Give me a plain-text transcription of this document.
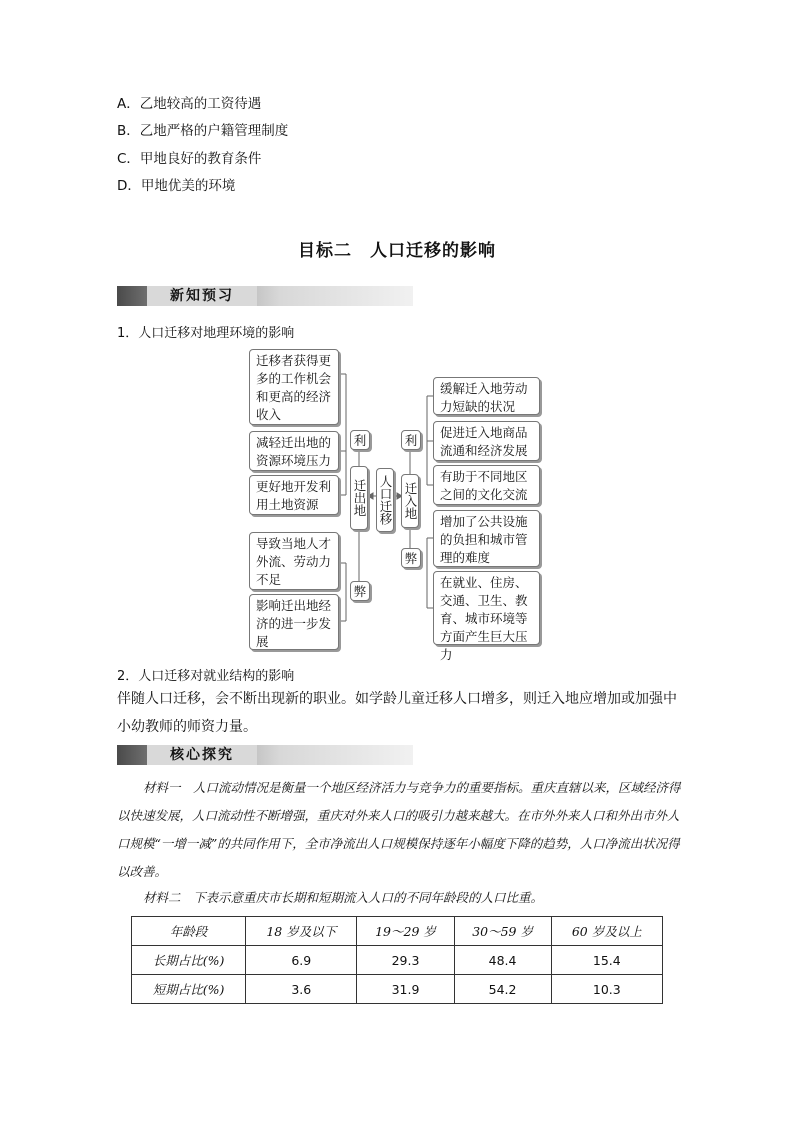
A．乙地较高的工资待遇
B．乙地严格的户籍管理制度
C．甲地良好的教育条件
D．甲地优美的环境
目标二　人口迁移的影响
新知预习
1．人口迁移对地理环境的影响
迁移者获得更多的工作机会和更高的经济收入
减轻迁出地的资源环境压力
更好地开发利用土地资源
导致当地人才外流、劳动力不足
影响迁出地经济的进一步发展
利
弊
迁出地 人口迁移 迁入地
利
弊
缓解迁入地劳动力短缺的状况
促进迁入地商品流通和经济发展
有助于不同地区之间的文化交流
增加了公共设施的负担和城市管理的难度
在就业、住房、交通、卫生、教育、城市环境等方面产生巨大压力
2．人口迁移对就业结构的影响
伴随人口迁移，会不断出现新的职业。如学龄儿童迁移人口增多，则迁入地应增加或加强中小幼教师的师资力量。
核心探究
材料一　人口流动情况是衡量一个地区经济活力与竞争力的重要指标。重庆直辖以来，区域经济得以快速发展，人口流动性不断增强，重庆对外来人口的吸引力越来越大。在市外外来人口和外出市外人口规模“一增一减”的共同作用下，全市净流出人口规模保持逐年小幅度下降的趋势，人口净流出状况得以改善。
材料二　下表示意重庆市长期和短期流入人口的不同年龄段的人口比重。
年龄段	18 岁及以下	19～29 岁	30～59 岁	60 岁及以上
长期占比(%)	6.9	29.3	48.4	15.4
短期占比(%)	3.6	31.9	54.2	10.3
